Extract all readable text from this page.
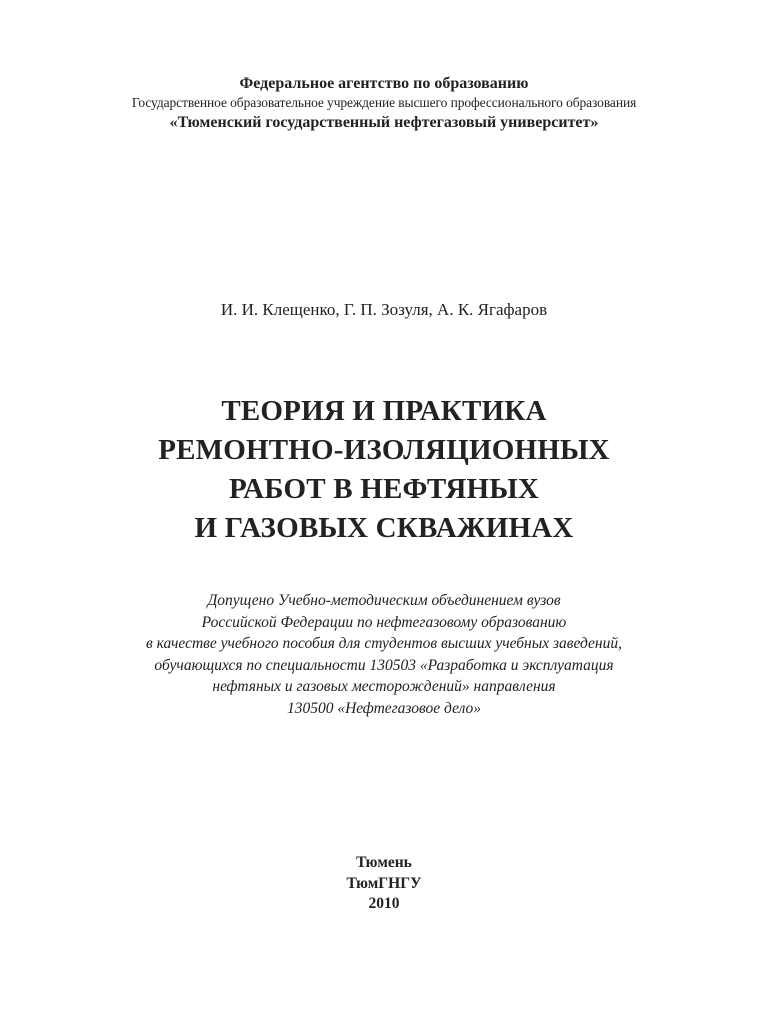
Федеральное агентство по образованию
Государственное образовательное учреждение высшего профессионального образования
«Тюменский государственный нефтегазовый университет»
И. И. Клещенко, Г. П. Зозуля, А. К. Ягафаров
ТЕОРИЯ И ПРАКТИКА
РЕМОНТНО-ИЗОЛЯЦИОННЫХ
РАБОТ В НЕФТЯНЫХ
И ГАЗОВЫХ СКВАЖИНАХ
Допущено Учебно-методическим объединением вузов
Российской Федерации по нефтегазовому образованию
в качестве учебного пособия для студентов высших учебных заведений,
обучающихся по специальности 130503 «Разработка и эксплуатация
нефтяных и газовых месторождений» направления
130500 «Нефтегазовое дело»
Тюмень
ТюмГНГУ
2010
